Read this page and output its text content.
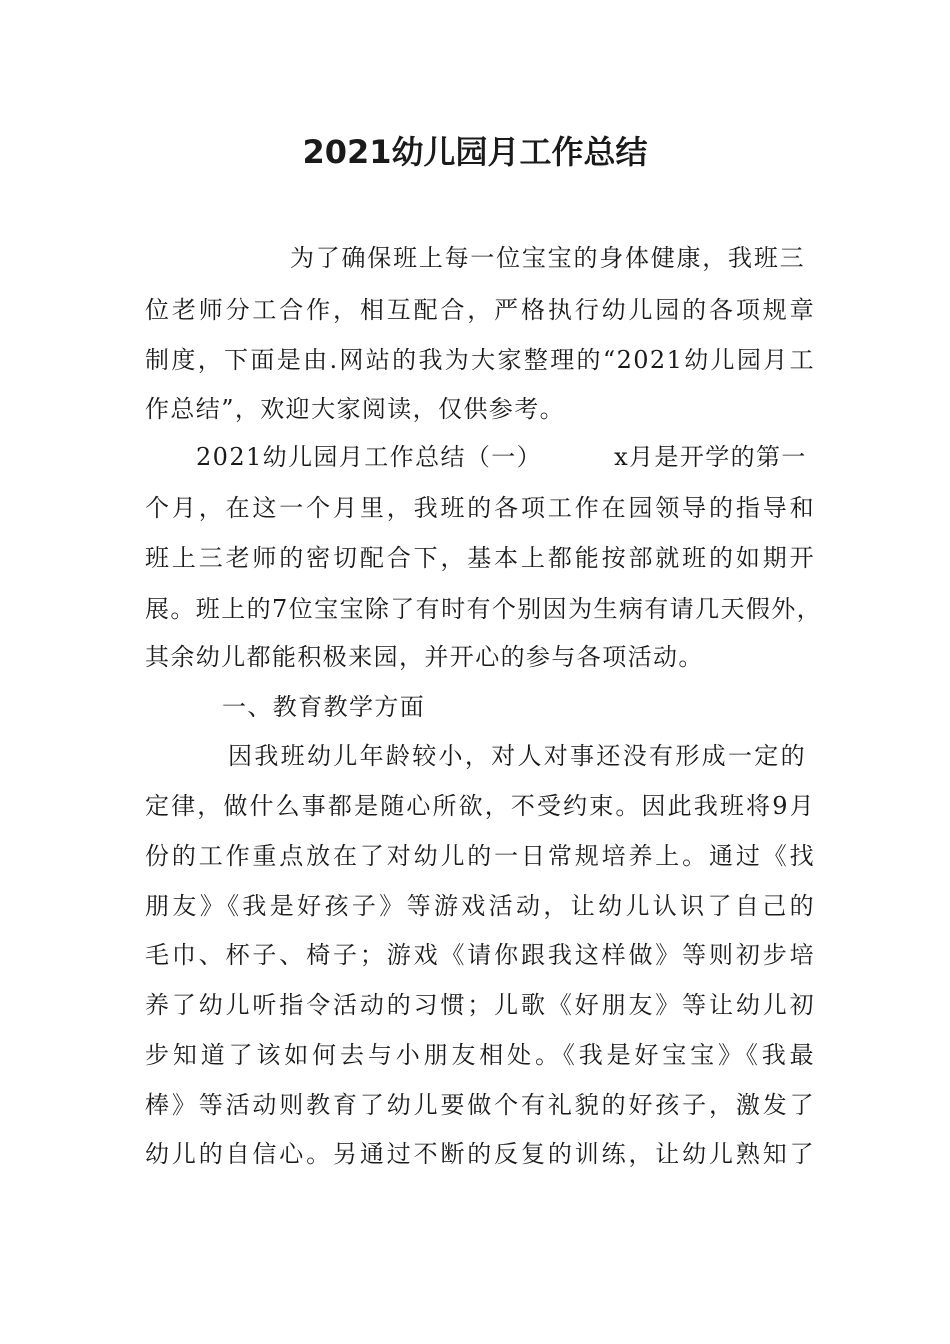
2021幼儿园月工作总结
为了确保班上每一位宝宝的身体健康，我班三
位老师分工合作，相互配合，严格执行幼儿园的各项规章
制度，下面是由.网站的我为大家整理的“2021幼儿园月工
作总结”，欢迎大家阅读，仅供参考。
2021幼儿园月工作总结（一）	x月是开学的第一
个月，在这一个月里，我班的各项工作在园领导的指导和
班上三老师的密切配合下，基本上都能按部就班的如期开
展。班上的7位宝宝除了有时有个别因为生病有请几天假外，
其余幼儿都能积极来园，并开心的参与各项活动。
一、教育教学方面
因我班幼儿年龄较小，对人对事还没有形成一定的
定律，做什么事都是随心所欲，不受约束。因此我班将9月
份的工作重点放在了对幼儿的一日常规培养上。通过《找
朋友》《我是好孩子》等游戏活动，让幼儿认识了自己的
毛巾、杯子、椅子；游戏《请你跟我这样做》等则初步培
养了幼儿听指令活动的习惯；儿歌《好朋友》等让幼儿初
步知道了该如何去与小朋友相处。《我是好宝宝》《我最
棒》等活动则教育了幼儿要做个有礼貌的好孩子，激发了
幼儿的自信心。另通过不断的反复的训练，让幼儿熟知了
